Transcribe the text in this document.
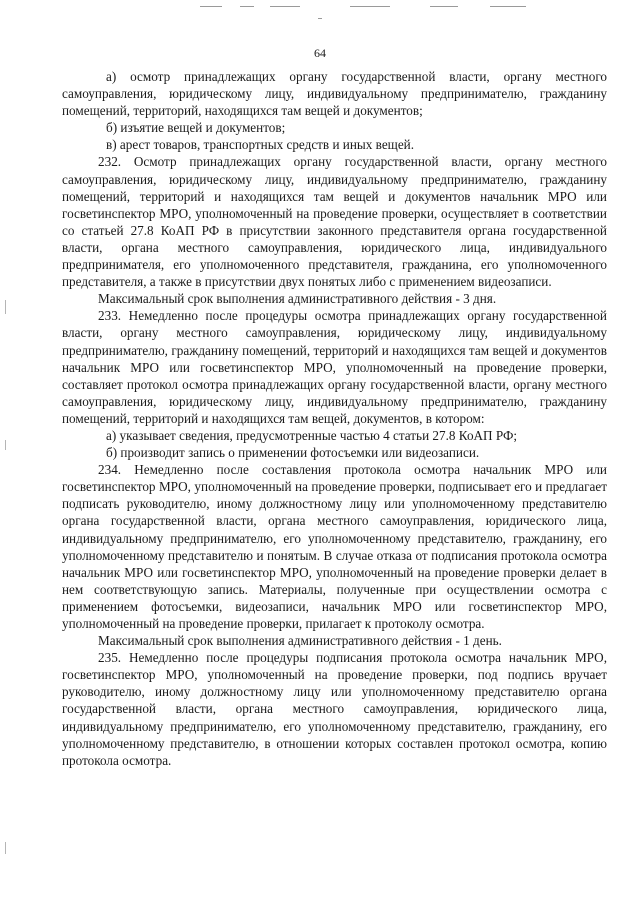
64

а) осмотр принадлежащих органу государственной власти, органу местного самоуправления, юридическому лицу, индивидуальному предпринимателю, гражданину помещений, территорий, находящихся там вещей и документов;

б) изъятие вещей и документов;

в) арест товаров, транспортных средств и иных вещей.

232. Осмотр принадлежащих органу государственной власти, органу местного самоуправления, юридическому лицу, индивидуальному предпринимателю, гражданину помещений, территорий и находящихся там вещей и документов начальник МРО или госветинспектор МРО, уполномоченный на проведение проверки, осуществляет в соответствии со статьей 27.8 КоАП РФ в присутствии законного представителя органа государственной власти, органа местного самоуправления, юридического лица, индивидуального предпринимателя, его уполномоченного представителя, гражданина, его уполномоченного представителя, а также в присутствии двух понятых либо с применением видеозаписи.

Максимальный срок выполнения административного действия - 3 дня.

233. Немедленно после процедуры осмотра принадлежащих органу государственной власти, органу местного самоуправления, юридическому лицу, индивидуальному предпринимателю, гражданину помещений, территорий и находящихся там вещей и документов начальник МРО или госветинспектор МРО, уполномоченный на проведение проверки, составляет протокол осмотра принадлежащих органу государственной власти, органу местного самоуправления, юридическому лицу, индивидуальному предпринимателю, гражданину помещений, территорий и находящихся там вещей, документов, в котором:

а) указывает сведения, предусмотренные частью 4 статьи 27.8 КоАП РФ;

б) производит запись о применении фотосъемки или видеозаписи.

234. Немедленно после составления протокола осмотра начальник МРО или госветинспектор МРО, уполномоченный на проведение проверки, подписывает его и предлагает подписать руководителю, иному должностному лицу или уполномоченному представителю органа государственной власти, органа местного самоуправления, юридического лица, индивидуальному предпринимателю, его уполномоченному представителю, гражданину, его уполномоченному представителю и понятым. В случае отказа от подписания протокола осмотра начальник МРО или госветинспектор МРО, уполномоченный на проведение проверки делает в нем соответствующую запись. Материалы, полученные при осуществлении осмотра с применением фотосъемки, видеозаписи, начальник МРО или госветинспектор МРО, уполномоченный на проведение проверки, прилагает к протоколу осмотра.

Максимальный срок выполнения административного действия - 1 день.

235. Немедленно после процедуры подписания протокола осмотра начальник МРО, госветинспектор МРО, уполномоченный на проведение проверки, под подпись вручает руководителю, иному должностному лицу или уполномоченному представителю органа государственной власти, органа местного самоуправления, юридического лица, индивидуальному предпринимателю, его уполномоченному представителю, гражданину, его уполномоченному представителю, в отношении которых составлен протокол осмотра, копию протокола осмотра.
